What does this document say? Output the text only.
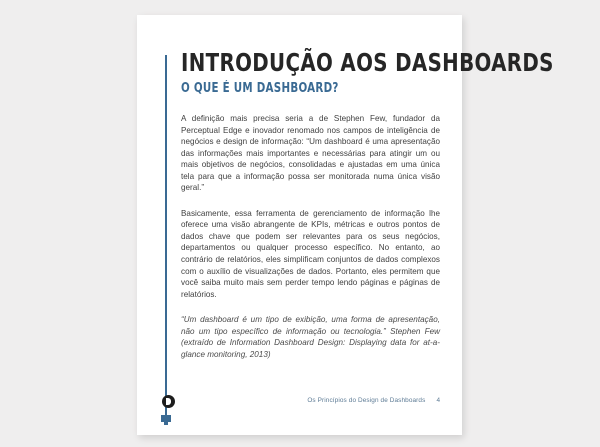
INTRODUÇÃO AOS DASHBOARDS
O QUE É UM DASHBOARD?

A definição mais precisa seria a de Stephen Few, fundador da Perceptual Edge e inovador renomado nos campos de inteligência de negócios e design de informação: “Um dashboard é uma apresentação das informações mais importantes e necessárias para atingir um ou mais objetivos de negócios, consolidadas e ajustadas em uma única tela para que a informação possa ser monitorada numa única visão geral.”

Basicamente, essa ferramenta de gerenciamento de informação lhe oferece uma visão abrangente de KPIs, métricas e outros pontos de dados chave que podem ser relevantes para os seus negócios, departamentos ou qualquer processo específico. No entanto, ao contrário de relatórios, eles simplificam conjuntos de dados complexos com o auxílio de visualizações de dados. Portanto, eles permitem que você saiba muito mais sem perder tempo lendo páginas e páginas de relatórios.

“Um dashboard é um tipo de exibição, uma forma de apresentação, não um tipo específico de informação ou tecnologia.” Stephen Few (extraído de Information Dashboard Design: Displaying data for at-a-glance monitoring, 2013)

Os Princípios do Design de Dashboards 4
